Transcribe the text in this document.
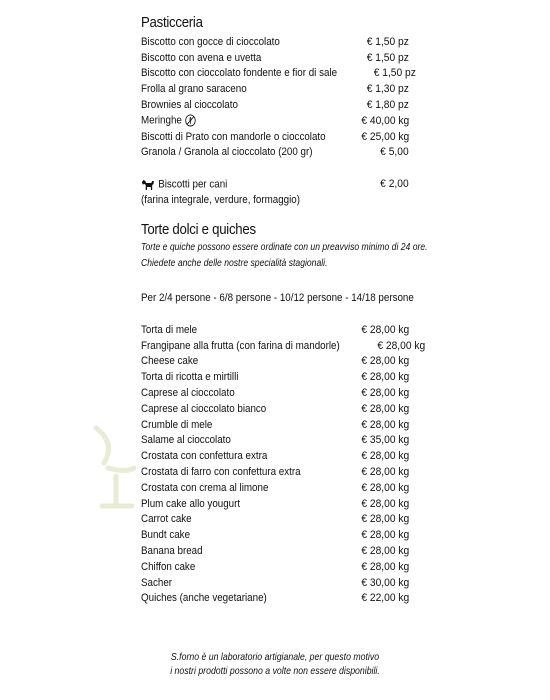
Pasticceria
Biscotto con gocce di cioccolato	€ 1,50 pz
Biscotto con avena e uvetta	€ 1,50 pz
Biscotto con cioccolato fondente e fior di sale	€ 1,50 pz
Frolla al grano saraceno	€ 1,30 pz
Brownies al cioccolato	€ 1,80 pz
Meringhe	€ 40,00 kg
Biscotti di Prato con mandorle o cioccolato	€ 25,00 kg
Granola / Granola al cioccolato (200 gr)	€ 5,00
Biscotti per cani	€ 2,00
(farina integrale, verdure, formaggio)
Torte dolci e quiches
Torte e quiche possono essere ordinate con un preavviso minimo di 24 ore.
Chiedete anche delle nostre specialità stagionali.
Per 2/4 persone - 6/8 persone - 10/12 persone - 14/18 persone
Torta di mele	€ 28,00 kg
Frangipane alla frutta (con farina di mandorle)	€ 28,00 kg
Cheese cake	€ 28,00 kg
Torta di ricotta e mirtilli	€ 28,00 kg
Caprese al cioccolato	€ 28,00 kg
Caprese al cioccolato bianco	€ 28,00 kg
Crumble di mele	€ 28,00 kg
Salame al cioccolato	€ 35,00 kg
Crostata con confettura extra	€ 28,00 kg
Crostata di farro con confettura extra	€ 28,00 kg
Crostata con crema al limone	€ 28,00 kg
Plum cake allo yougurt	€ 28,00 kg
Carrot cake	€ 28,00 kg
Bundt cake	€ 28,00 kg
Banana bread	€ 28,00 kg
Chiffon cake	€ 28,00 kg
Sacher	€ 30,00 kg
Quiches (anche vegetariane)	€ 22,00 kg
S.forno è un laboratorio artigianale, per questo motivo
i nostri prodotti possono a volte non essere disponibili.
